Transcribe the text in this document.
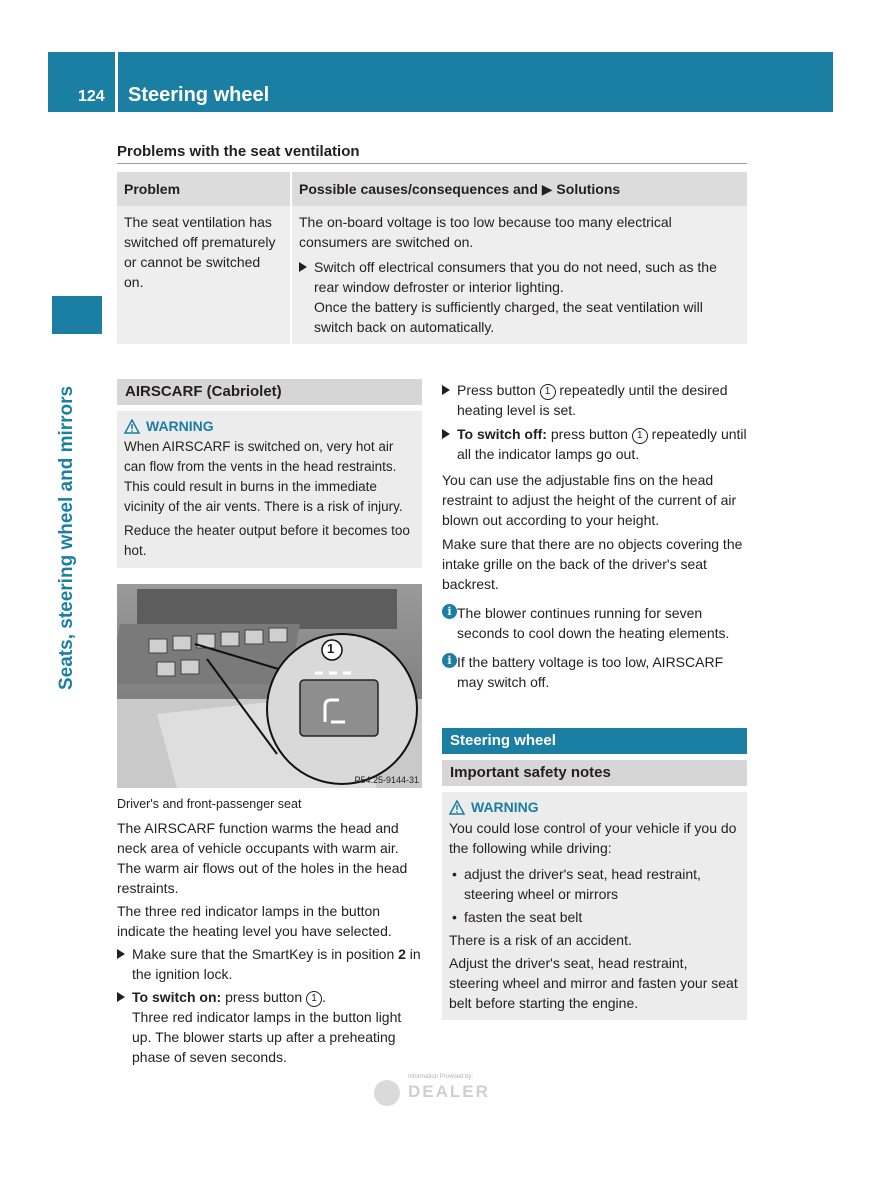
124 Steering wheel
Seats, steering wheel and mirrors
Problems with the seat ventilation
Problem	Possible causes/consequences and ▶ Solutions
The seat ventilation has switched off prematurely or cannot be switched on.	The on-board voltage is too low because too many electrical consumers are switched on.

Switch off electrical consumers that you do not need, such as the rear window defroster or interior lighting.

Once the battery is sufficiently charged, the seat ventilation will switch back on automatically.

AIRSCARF (Cabriolet)
WARNING

When AIRSCARF is switched on, very hot air can flow from the vents in the head restraints. This could result in burns in the immediate vicinity of the air vents. There is a risk of injury.

Reduce the heater output before it becomes too hot.

1
P54.25-9144-31

Driver's and front-passenger seat

The AIRSCARF function warms the head and neck area of vehicle occupants with warm air. The warm air flows out of the holes in the head restraints.

The three red indicator lamps in the button indicate the heating level you have selected.

Make sure that the SmartKey is in position 2 in the ignition lock.
To switch on: press button 1 .

Three red indicator lamps in the button light up. The blower starts up after a preheating phase of seven seconds.

Press button 1 repeatedly until the desired heating level is set.
To switch off: press button 1 repeatedly until all the indicator lamps go out.

You can use the adjustable fins on the head restraint to adjust the height of the current of air blown out according to your height.

Make sure that there are no objects covering the intake grille on the back of the driver's seat backrest.

i The blower continues running for seven seconds to cool down the heating elements.

i If the battery voltage is too low, AIRSCARF may switch off.

Steering wheel
Important safety notes
WARNING

You could lose control of your vehicle if you do the following while driving:

• adjust the driver's seat, head restraint, steering wheel or mirrors
• fasten the seat belt

There is a risk of an accident.

Adjust the driver's seat, head restraint, steering wheel and mirror and fasten your seat belt before starting the engine.

Information Provided by:
DEALER
